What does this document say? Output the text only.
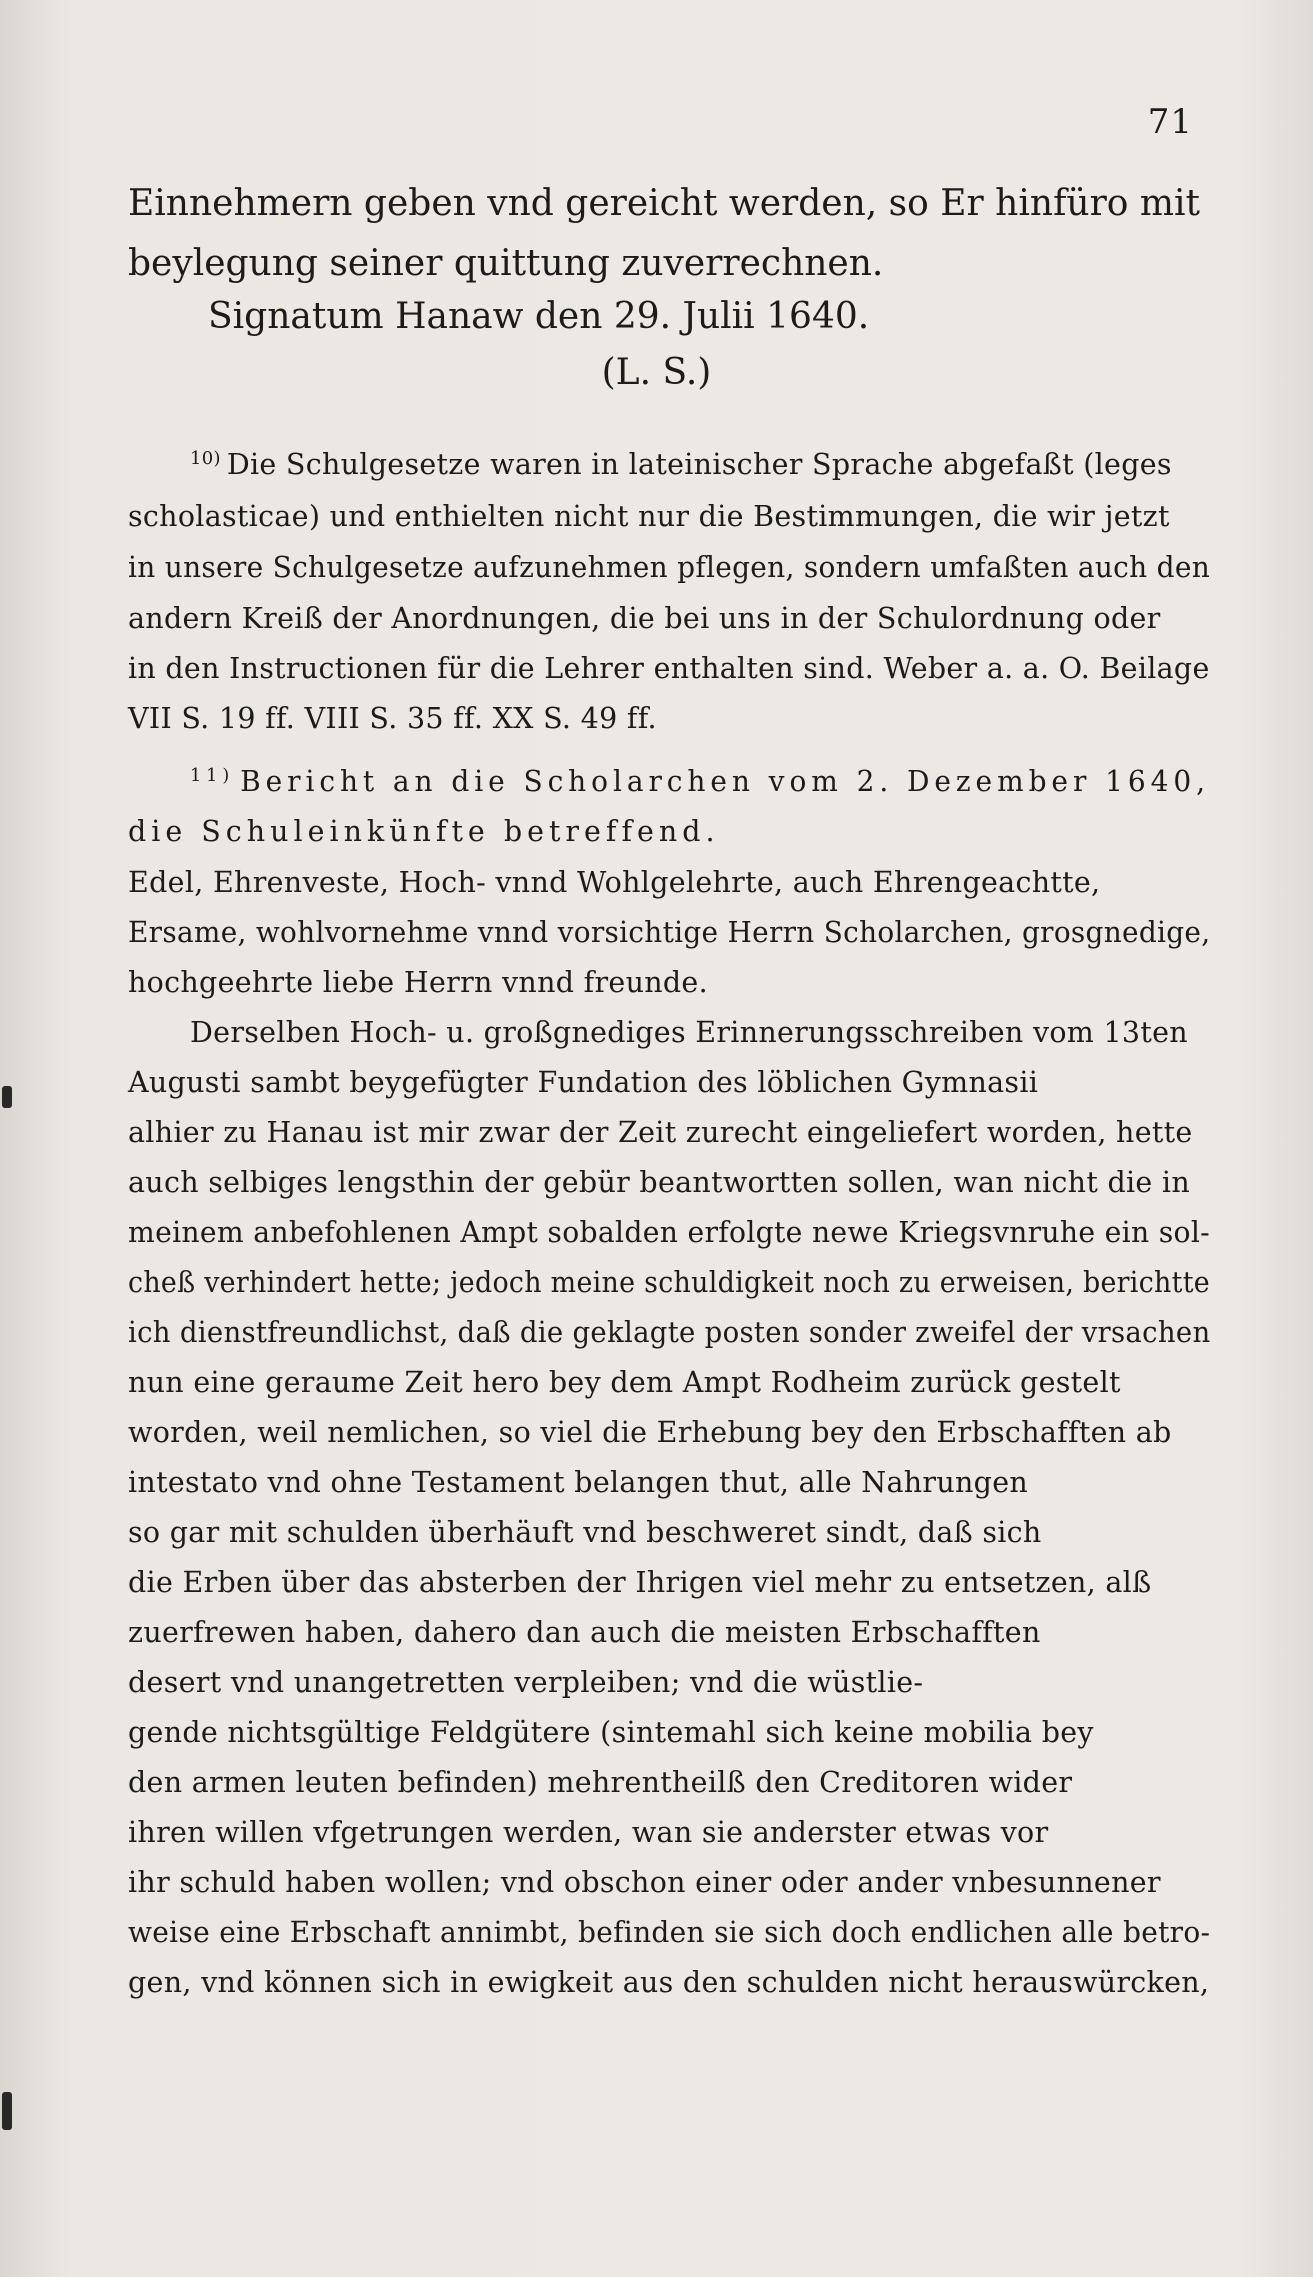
71
Einnehmern geben vnd gereicht werden, so Er hinfüro mit
beylegung seiner quittung zuverrechnen.
Signatum Hanaw den 29. Julii 1640.
(L. S.)
$^{10)}$ Die Schulgesetze waren in lateinischer Sprache abgefaßt (leges
scholasticae) und enthielten nicht nur die Bestimmungen, die wir jetzt
in unsere Schulgesetze aufzunehmen pflegen, sondern umfaßten auch den
andern Kreiß der Anordnungen, die bei uns in der Schulordnung oder
in den Instructionen für die Lehrer enthalten sind. Weber a. a. O. Beilage
VII S. 19 ff. VIII S. 35 ff. XX S. 49 ff.
$^{11)}$ Bericht an die Scholarchen vom 2. Dezember 1640,
die Schuleinkünfte betreffend.
Edel, Ehrenveste, Hoch- vnnd Wohlgelehrte, auch Ehrengeachtte,
Ersame, wohlvornehme vnnd vorsichtige Herrn Scholarchen, grosgnedige,
hochgeehrte liebe Herrn vnnd freunde.
Derselben Hoch- u. großgnediges Erinnerungsschreiben vom 13ten
Augusti sambt beygefügter Fundation des löblichen Gymnasii
alhier zu Hanau ist mir zwar der Zeit zurecht eingeliefert worden, hette
auch selbiges lengsthin der gebür beantwortten sollen, wan nicht die in
meinem anbefohlenen Ampt sobalden erfolgte newe Kriegsvnruhe ein sol-
cheß verhindert hette; jedoch meine schuldigkeit noch zu erweisen, berichtte
ich dienstfreundlichst, daß die geklagte posten sonder zweifel der vrsachen
nun eine geraume Zeit hero bey dem Ampt Rodheim zurück gestelt
worden, weil nemlichen, so viel die Erhebung bey den Erbschafften ab
intestato vnd ohne Testament belangen thut, alle Nahrungen
so gar mit schulden überhäuft vnd beschweret sindt, daß sich
die Erben über das absterben der Ihrigen viel mehr zu entsetzen, alß
zuerfrewen haben, dahero dan auch die meisten Erbschafften
desert vnd unangetretten verpleiben; vnd die wüstlie-
gende nichtsgültige Feldgütere (sintemahl sich keine mobilia bey
den armen leuten befinden) mehrentheilß den Creditoren wider
ihren willen vfgetrungen werden, wan sie anderster etwas vor
ihr schuld haben wollen; vnd obschon einer oder ander vnbesunnener
weise eine Erbschaft annimbt, befinden sie sich doch endlichen alle betro-
gen, vnd können sich in ewigkeit aus den schulden nicht herauswürcken,
